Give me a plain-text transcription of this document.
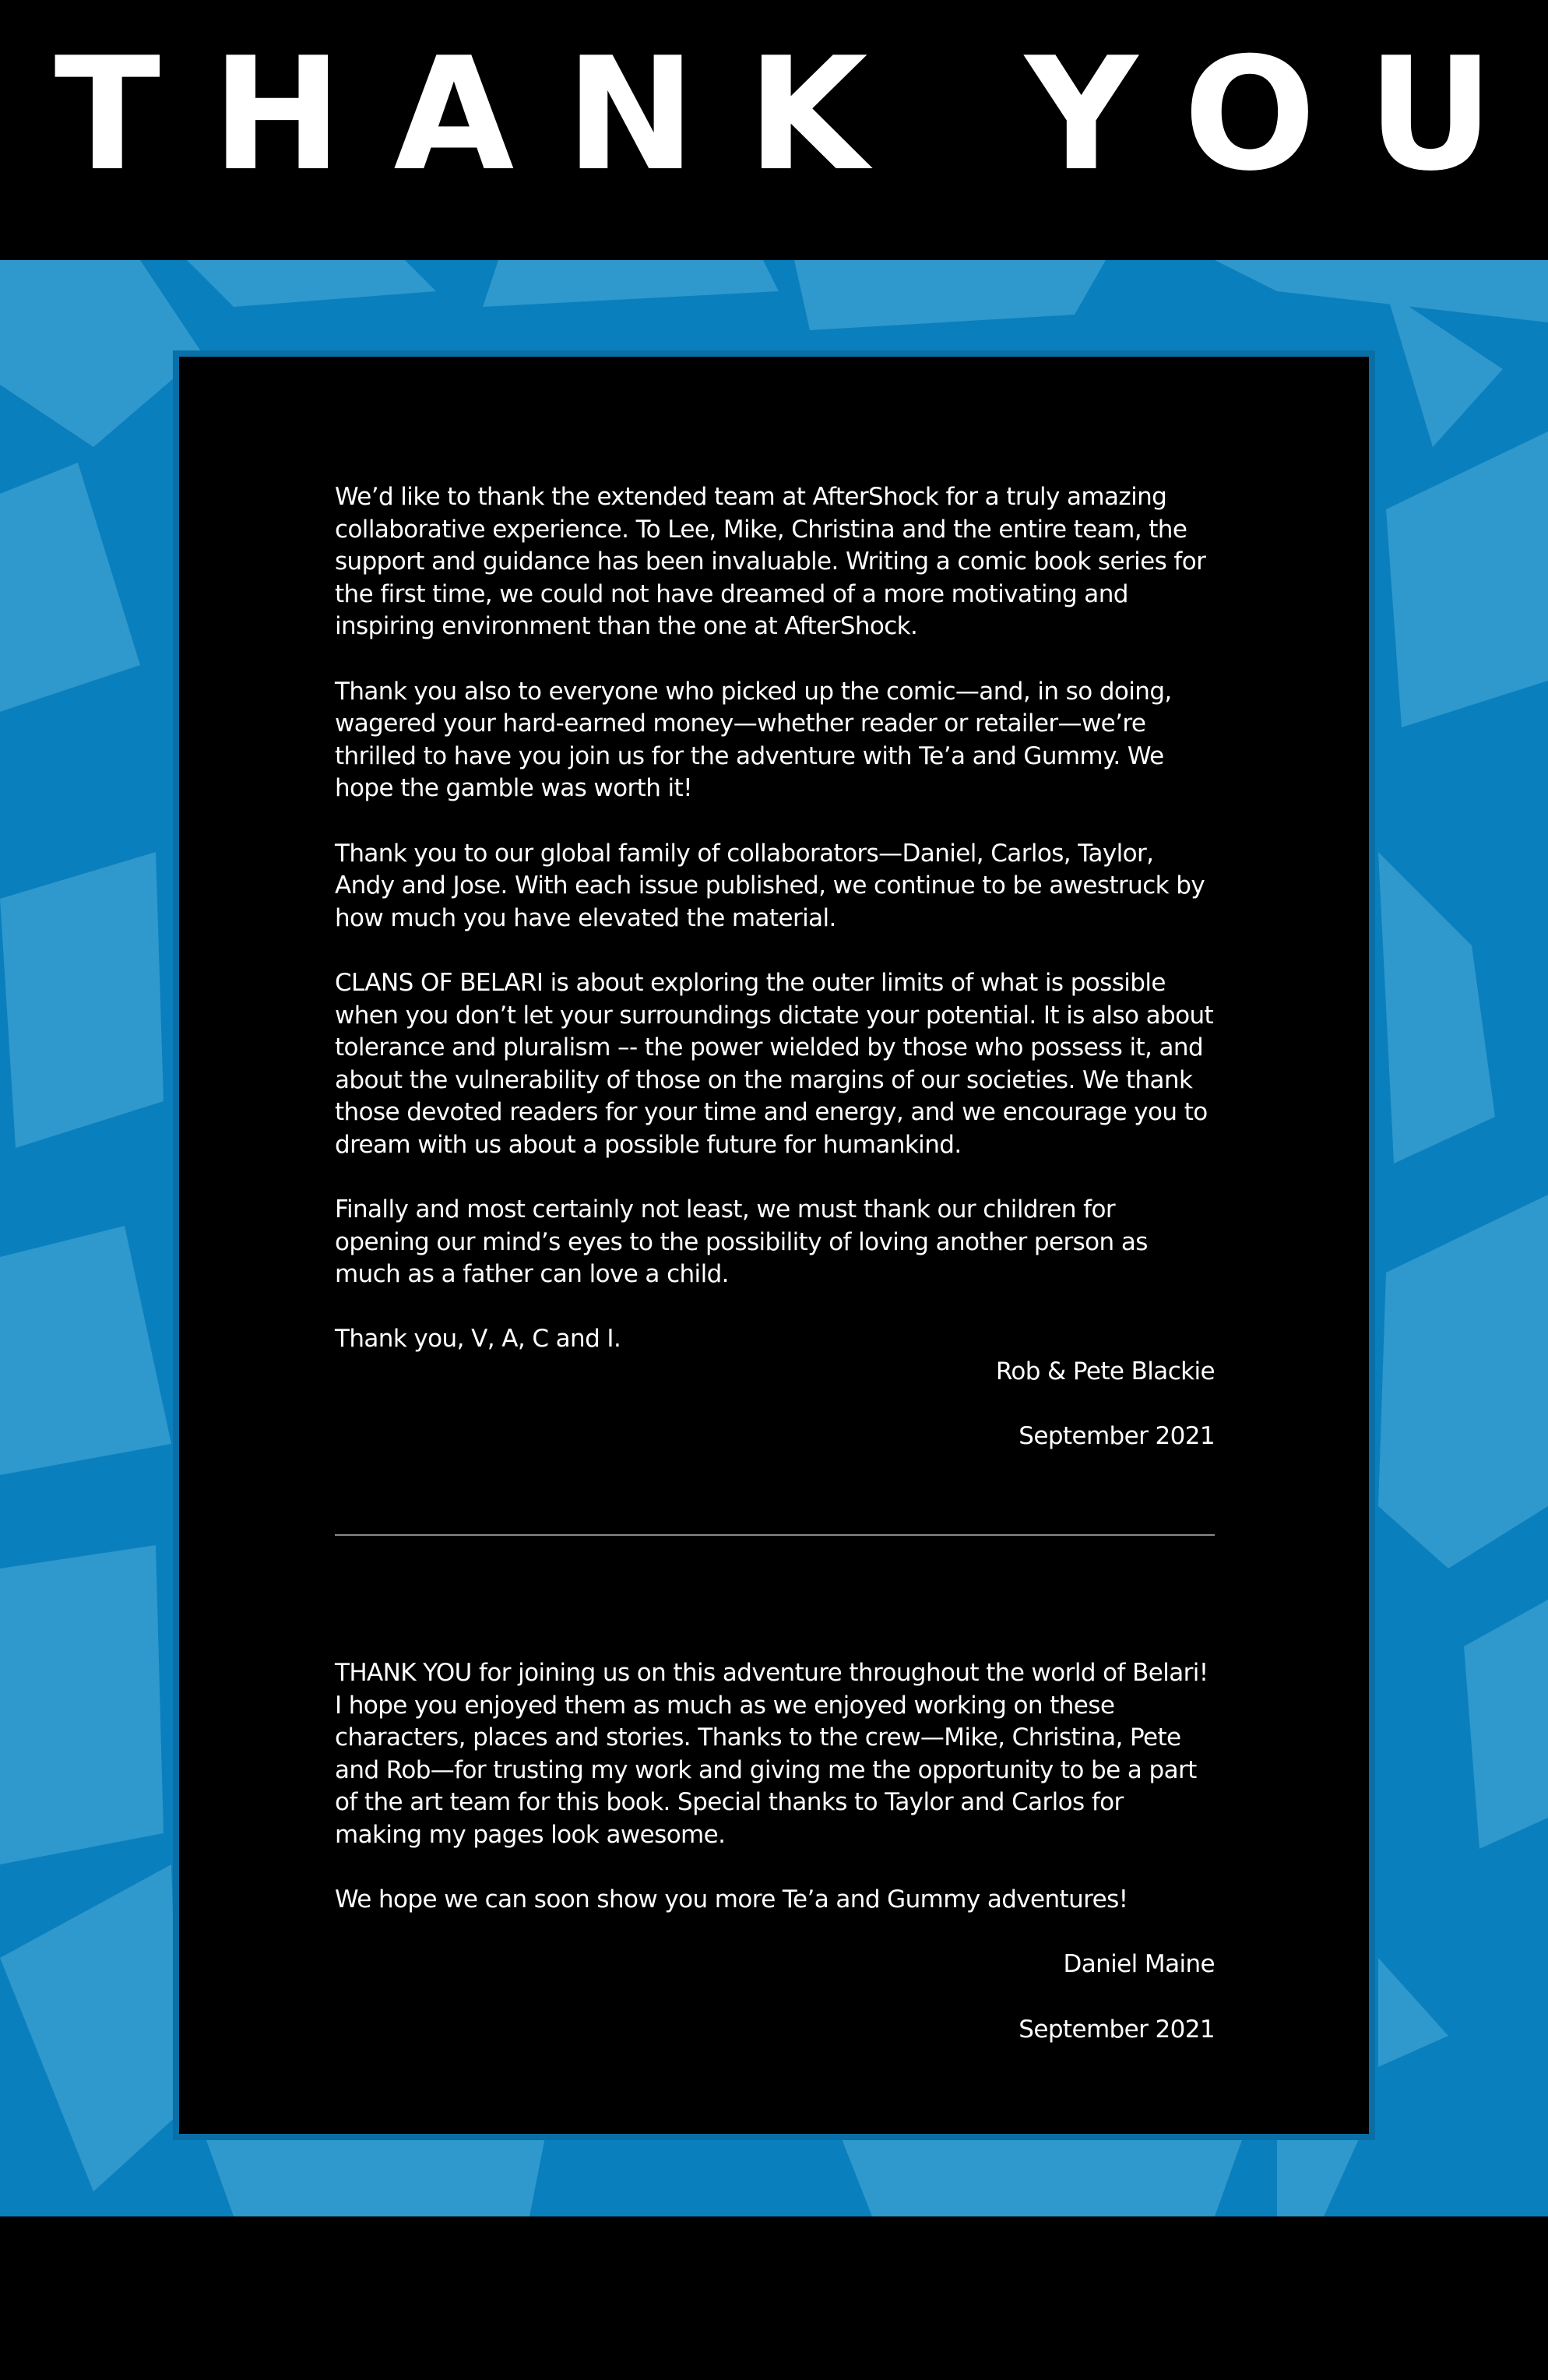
THANK YOU

We’d like to thank the extended team at AfterShock for a truly amazing collaborative experience. To Lee, Mike, Christina and the entire team, the support and guidance has been invaluable. Writing a comic book series for the first time, we could not have dreamed of a more motivating and inspiring environment than the one at AfterShock.

Thank you also to everyone who picked up the comic—and, in so doing, wagered your hard-earned money—whether reader or retailer—we’re thrilled to have you join us for the adventure with Te’a and Gummy. We hope the gamble was worth it!

Thank you to our global family of collaborators—Daniel, Carlos, Taylor, Andy and Jose. With each issue published, we continue to be awestruck by how much you have elevated the material.

CLANS OF BELARI is about exploring the outer limits of what is possible when you don’t let your surroundings dictate your potential. It is also about tolerance and pluralism –- the power wielded by those who possess it, and about the vulnerability of those on the margins of our societies. We thank those devoted readers for your time and energy, and we encourage you to dream with us about a possible future for humankind.

Finally and most certainly not least, we must thank our children for opening our mind’s eyes to the possibility of loving another person as much as a father can love a child.

Thank you, V, A, C and I.

Rob & Pete Blackie

September 2021

THANK YOU for joining us on this adventure throughout the world of Belari! I hope you enjoyed them as much as we enjoyed working on these characters, places and stories. Thanks to the crew—Mike, Christina, Pete and Rob—for trusting my work and giving me the opportunity to be a part of the art team for this book. Special thanks to Taylor and Carlos for making my pages look awesome.

We hope we can soon show you more Te’a and Gummy adventures!

Daniel Maine

September 2021
